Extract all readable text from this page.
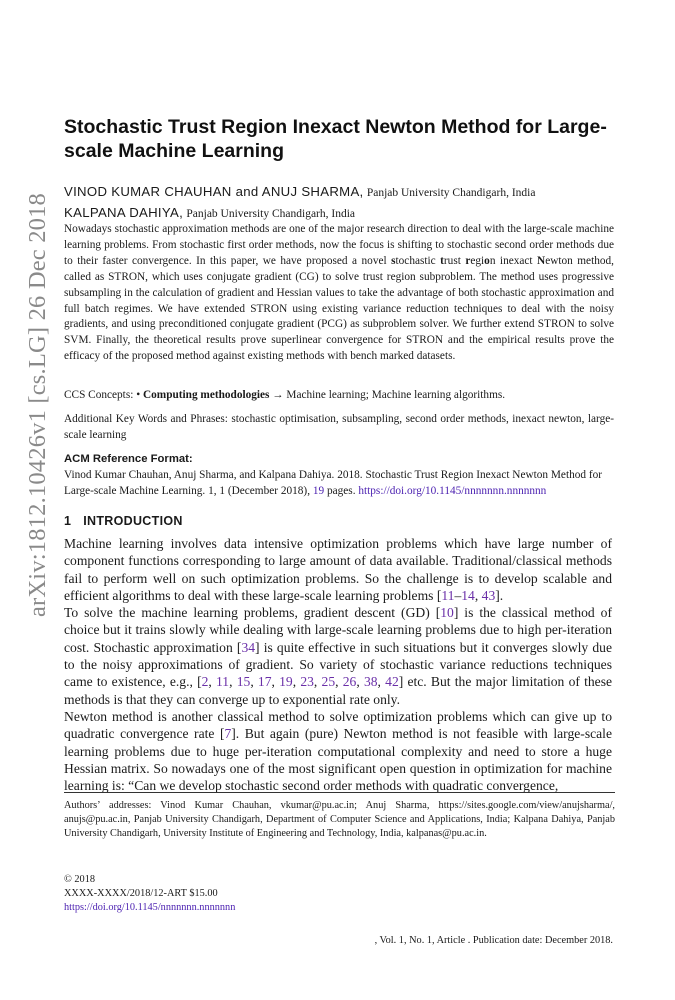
arXiv:1812.10426v1 [cs.LG] 26 Dec 2018
Stochastic Trust Region Inexact Newton Method for Large-scale Machine Learning
VINOD KUMAR CHAUHAN and ANUJ SHARMA, Panjab University Chandigarh, India
KALPANA DAHIYA, Panjab University Chandigarh, India
Nowadays stochastic approximation methods are one of the major research direction to deal with the large-scale machine learning problems. From stochastic first order methods, now the focus is shifting to stochastic second order methods due to their faster convergence. In this paper, we have proposed a novel stochastic trust region inexact Newton method, called as STRON, which uses conjugate gradient (CG) to solve trust region subproblem. The method uses progressive subsampling in the calculation of gradient and Hessian values to take the advantage of both stochastic approximation and full batch regimes. We have extended STRON using existing variance reduction techniques to deal with the noisy gradients, and using preconditioned conjugate gradient (PCG) as subproblem solver. We further extend STRON to solve SVM. Finally, the theoretical results prove superlinear convergence for STRON and the empirical results prove the efficacy of the proposed method against existing methods with bench marked datasets.
CCS Concepts: • Computing methodologies → Machine learning; Machine learning algorithms.
Additional Key Words and Phrases: stochastic optimisation, subsampling, second order methods, inexact newton, large-scale learning
ACM Reference Format:
Vinod Kumar Chauhan, Anuj Sharma, and Kalpana Dahiya. 2018. Stochastic Trust Region Inexact Newton Method for Large-scale Machine Learning. 1, 1 (December 2018), 19 pages. https://doi.org/10.1145/nnnnnnn.nnnnnnn
1 INTRODUCTION

Machine learning involves data intensive optimization problems which have large number of component functions corresponding to large amount of data available. Traditional/classical methods fail to perform well on such optimization problems. So the challenge is to develop scalable and efficient algorithms to deal with these large-scale learning problems [11–14, 43].

To solve the machine learning problems, gradient descent (GD) [10] is the classical method of choice but it trains slowly while dealing with large-scale learning problems due to high per-iteration cost. Stochastic approximation [34] is quite effective in such situations but it converges slowly due to the noisy approximations of gradient. So variety of stochastic variance reductions techniques came to existence, e.g., [2, 11, 15, 17, 19, 23, 25, 26, 38, 42] etc. But the major limitation of these methods is that they can converge up to exponential rate only.

Newton method is another classical method to solve optimization problems which can give up to quadratic convergence rate [7]. But again (pure) Newton method is not feasible with large-scale learning problems due to huge per-iteration computational complexity and need to store a huge Hessian matrix. So nowadays one of the most significant open question in optimization for machine learning is: “Can we develop stochastic second order methods with quadratic convergence,

Authors’ addresses: Vinod Kumar Chauhan, vkumar@pu.ac.in; Anuj Sharma, https://sites.google.com/view/anujsharma/, anujs@pu.ac.in, Panjab University Chandigarh, Department of Computer Science and Applications, India; Kalpana Dahiya, Panjab University Chandigarh, University Institute of Engineering and Technology, India, kalpanas@pu.ac.in.
© 2018
XXXX-XXXX/2018/12-ART $15.00
https://doi.org/10.1145/nnnnnnn.nnnnnnn
, Vol. 1, No. 1, Article . Publication date: December 2018.
